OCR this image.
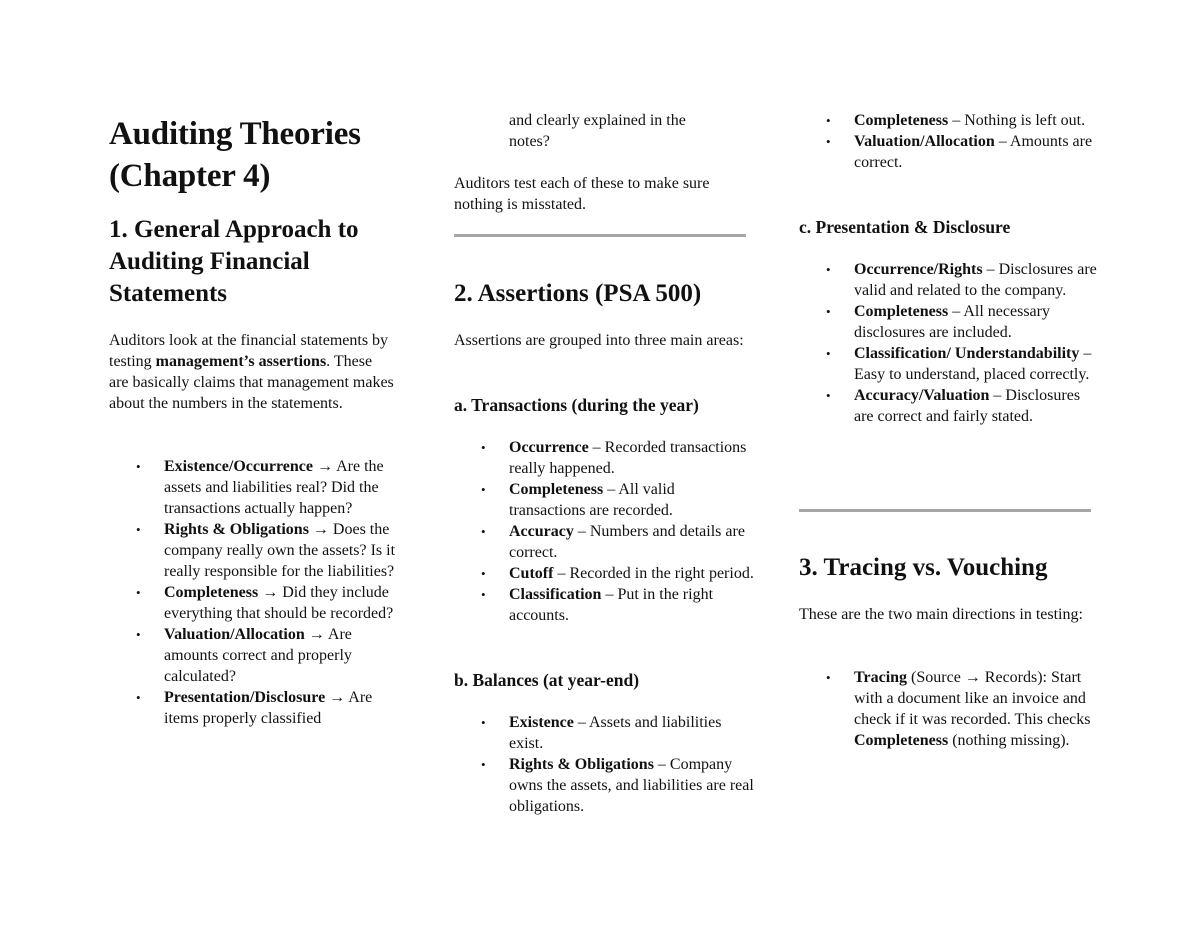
Auditing Theories (Chapter 4)
1. General Approach to Auditing Financial Statements

Auditors look at the financial statements by testing management’s assertions. These are basically claims that management makes about the numbers in the statements.

• Existence/Occurrence → Are the assets and liabilities real? Did the transactions actually happen?
• Rights & Obligations → Does the company really own the assets? Is it really responsible for the liabilities?
• Completeness → Did they include everything that should be recorded?
• Valuation/Allocation → Are amounts correct and properly calculated?
• Presentation/Disclosure → Are items properly classified
and clearly explained in the notes?

Auditors test each of these to make sure nothing is misstated.

2. Assertions (PSA 500)

Assertions are grouped into three main areas:

a. Transactions (during the year)
• Occurrence – Recorded transactions really happened.
• Completeness – All valid transactions are recorded.
• Accuracy – Numbers and details are correct.
• Cutoff – Recorded in the right period.
• Classification – Put in the right accounts.
b. Balances (at year-end)
• Existence – Assets and liabilities exist.
• Rights & Obligations – Company owns the assets, and liabilities are real obligations.
• Completeness – Nothing is left out.
• Valuation/Allocation – Amounts are correct.
c. Presentation & Disclosure
• Occurrence/Rights – Disclosures are valid and related to the company.
• Completeness – All necessary disclosures are included.
• Classification/ Understandability – Easy to understand, placed correctly.
• Accuracy/Valuation – Disclosures are correct and fairly stated.
3. Tracing vs. Vouching

These are the two main directions in testing:

• Tracing (Source → Records): Start with a document like an invoice and check if it was recorded. This checks Completeness (nothing missing).
